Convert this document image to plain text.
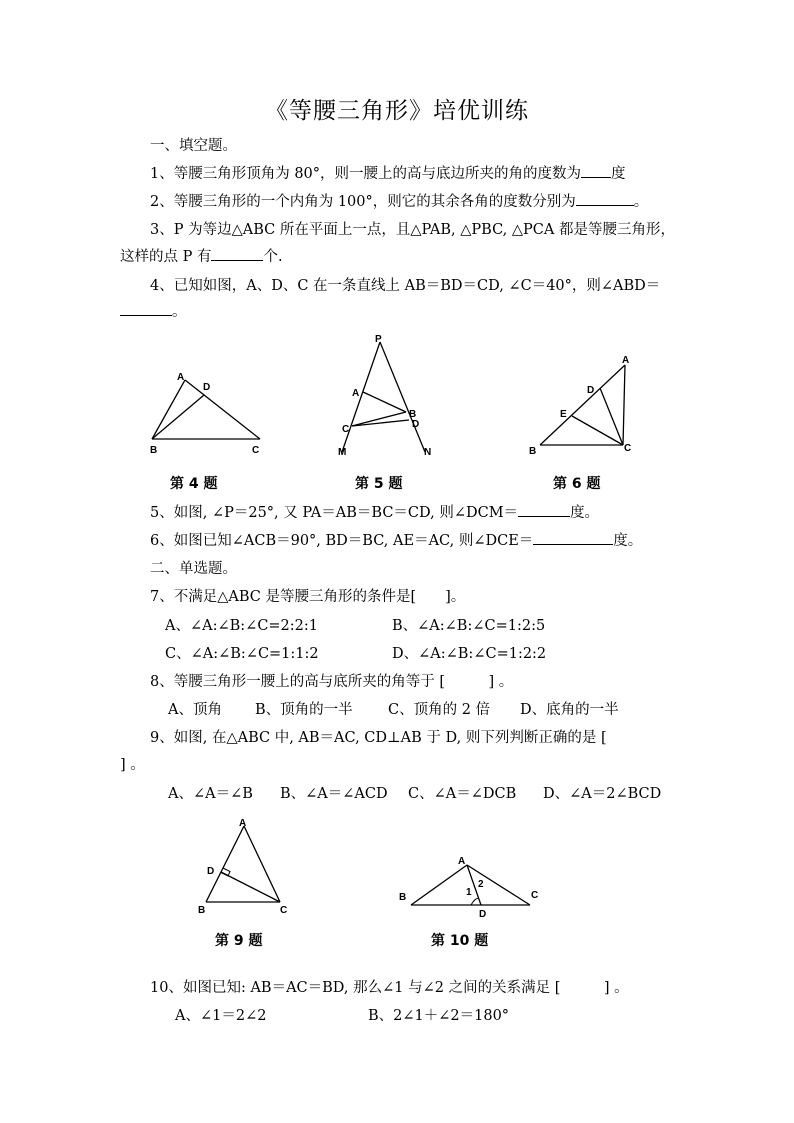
《等腰三角形》培优训练
一、填空题。
1、等腰三角形顶角为 80°，则一腰上的高与底边所夹的角的度数为 度
2、等腰三角形的一个内角为 100°，则它的其余各角的度数分别为	。
3、P 为等边△ABC 所在平面上一点，且△PAB, △PBC, △PCA 都是等腰三角形，
这样的点 P 有	个.
4、已知如图，A、D、C 在一条直线上 AB＝BD＝CD, ∠C＝40°，则∠ABD＝
。
A
D
B	C
第 4 题
P
A
B
D
C
M	N
第 5 题
A
D
E
B	C
第 6 题
5、如图, ∠P＝25°, 又 PA＝AB＝BC＝CD, 则∠DCM＝	度。
6、如图已知∠ACB＝90°, BD＝BC, AE＝AC, 则∠DCE＝	度。
二、单选题。
7、不满足△ABC 是等腰三角形的条件是[　　]。
A、∠A:∠B:∠C=2:2:1	B、∠A:∠B:∠C=1:2:5
C、∠A:∠B:∠C=1:1:2	D、∠A:∠B:∠C=1:2:2
8、等腰三角形一腰上的高与底所夹的角等于 [　　　] 。
A、顶角 B、顶角的一半 C、顶角的 2 倍 D、底角的一半
9、如图, 在△ABC 中, AB＝AC, CD⊥AB 于 D, 则下列判断正确的是 [
] 。
A、∠A＝∠B B、∠A＝∠ACD C、∠A＝∠DCB D、∠A＝2∠BCD
A
D
B	C
第 9 题
A
B	C
D
1
2
第 10 题
10、如图已知: AB＝AC＝BD, 那么∠1 与∠2 之间的关系满足 [　　　] 。
A、∠1＝2∠2	B、2∠1＋∠2＝180°
